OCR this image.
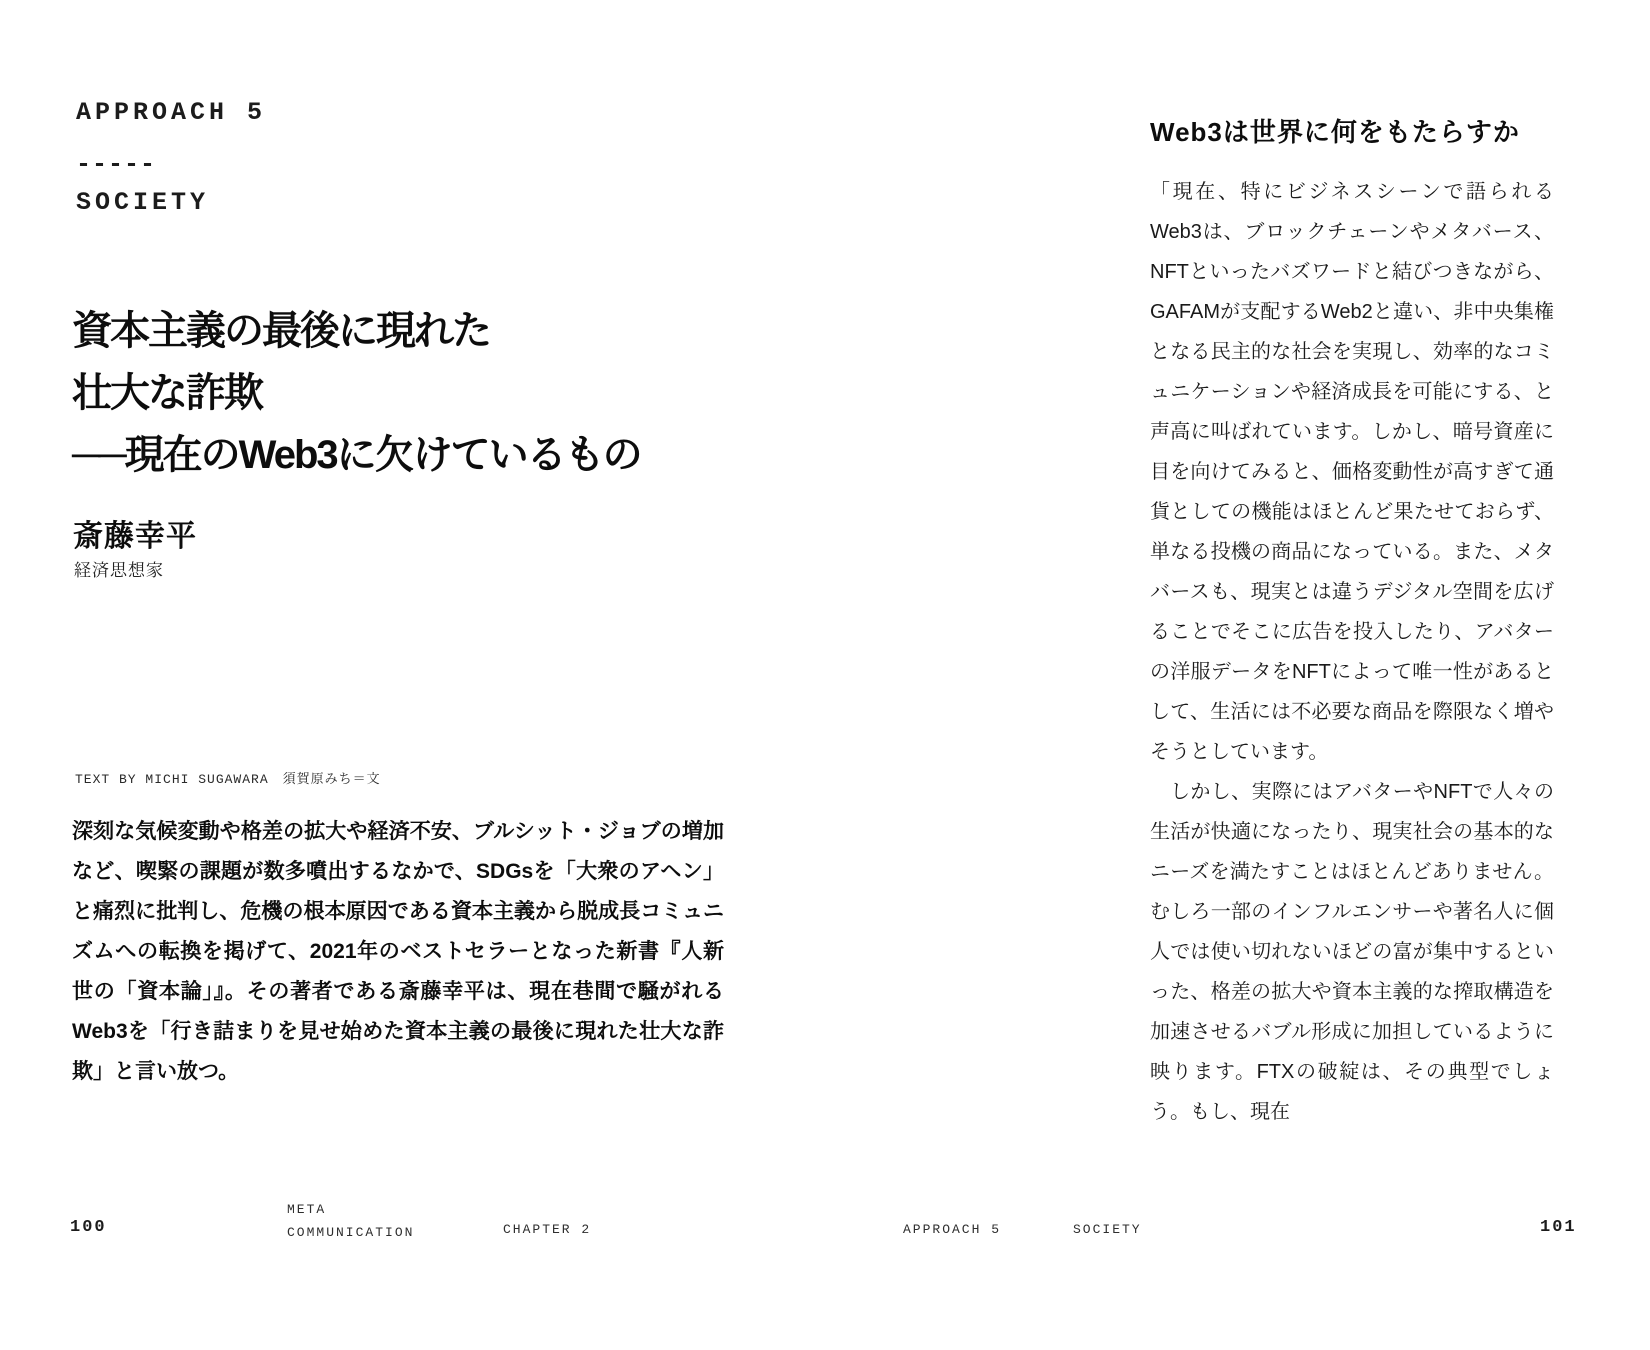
APPROACH 5
-----
SOCIETY
資本主義の最後に現れた
壮大な詐欺
──現在のWeb3に欠けているもの
斎藤幸平
経済思想家
TEXT BY MICHI SUGAWARA　須賀原みち＝文

深刻な気候変動や格差の拡大や経済不安、ブルシット・ジョブの増加など、喫緊の課題が数多噴出するなかで、SDGsを「大衆のアヘン」と痛烈に批判し、危機の根本原因である資本主義から脱成長コミュニズムへの転換を掲げて、2021年のベストセラーとなった新書『人新世の「資本論」』。その著者である斎藤幸平は、現在巷間で騒がれるWeb3を「行き詰まりを見せ始めた資本主義の最後に現れた壮大な詐欺」と言い放つ。

Web3は世界に何をもたらすか

「現在、特にビジネスシーンで語られるWeb3は、ブロックチェーンやメタバース、NFTといったバズワードと結びつきながら、GAFAMが支配するWeb2と違い、非中央集権となる民主的な社会を実現し、効率的なコミュニケーションや経済成長を可能にする、と声高に叫ばれています。しかし、暗号資産に目を向けてみると、価格変動性が高すぎて通貨としての機能はほとんど果たせておらず、単なる投機の商品になっている。また、メタバースも、現実とは違うデジタル空間を広げることでそこに広告を投入したり、アバターの洋服データをNFTによって唯一性があるとして、生活には不必要な商品を際限なく増やそうとしています。

しかし、実際にはアバターやNFTで人々の生活が快適になったり、現実社会の基本的なニーズを満たすことはほとんどありません。むしろ一部のインフルエンサーや著名人に個人では使い切れないほどの富が集中するといった、格差の拡大や資本主義的な搾取構造を加速させるバブル形成に加担しているように映ります。FTXの破綻は、その典型でしょう。もし、現在

100
META
COMMUNICATION	CHAPTER 2	APPROACH 5	SOCIETY	101
